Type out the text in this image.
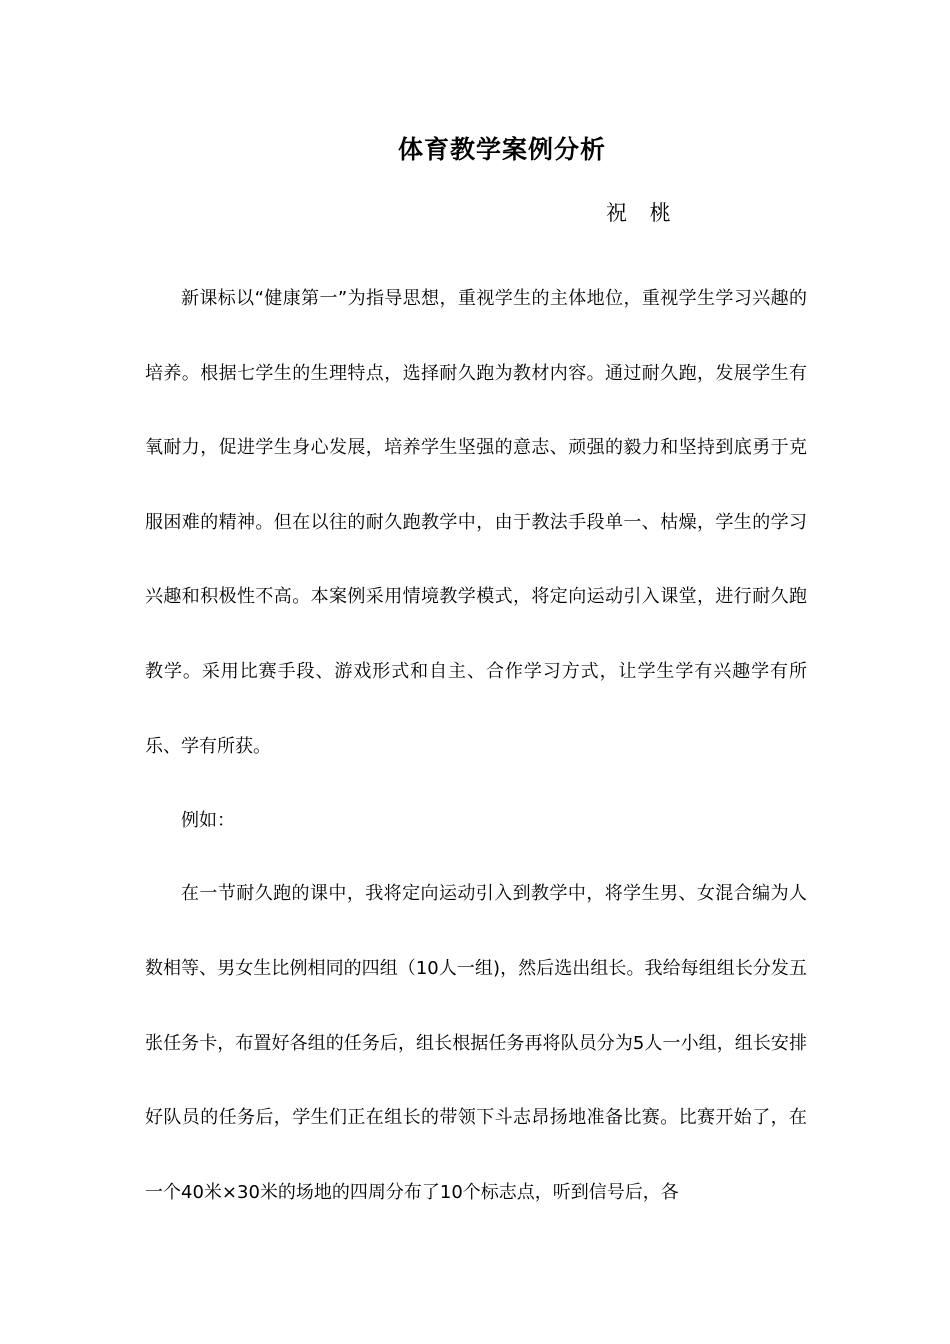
体育教学案例分析
祝 桃

新课标以“健康第一”为指导思想，重视学生的主体地位，重视学生学习兴趣的培养。根据七学生的生理特点，选择耐久跑为教材内容。通过耐久跑，发展学生有氧耐力，促进学生身心发展，培养学生坚强的意志、顽强的毅力和坚持到底勇于克服困难的精神。但在以往的耐久跑教学中，由于教法手段单一、枯燥，学生的学习兴趣和积极性不高。本案例采用情境教学模式，将定向运动引入课堂，进行耐久跑教学。采用比赛手段、游戏形式和自主、合作学习方式，让学生学有兴趣学有所乐、学有所获。

例如：

在一节耐久跑的课中，我将定向运动引入到教学中，将学生男、女混合编为人数相等、男女生比例相同的四组（10人一组)，然后选出组长。我给每组组长分发五张任务卡，布置好各组的任务后，组长根据任务再将队员分为5人一小组，组长安排好队员的任务后，学生们正在组长的带领下斗志昂扬地准备比赛。比赛开始了，在一个40米×30米的场地的四周分布了10个标志点，听到信号后，各
